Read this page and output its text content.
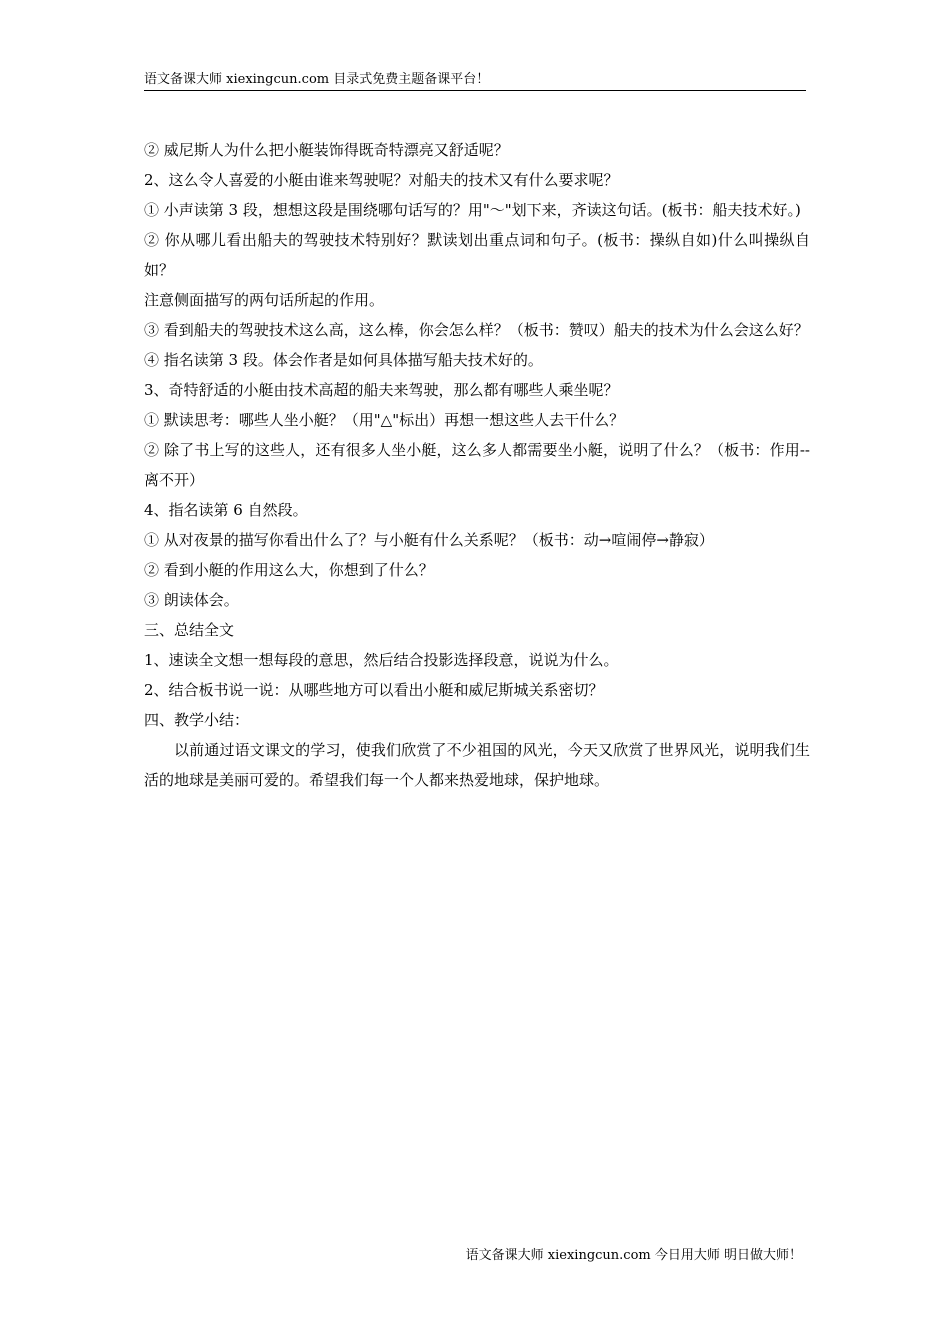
语文备课大师 xiexingcun.com 目录式免费主题备课平台！

② 威尼斯人为什么把小艇装饰得既奇特漂亮又舒适呢？

2、这么令人喜爱的小艇由谁来驾驶呢？对船夫的技术又有什么要求呢？

① 小声读第 3 段，想想这段是围绕哪句话写的？用"～"划下来，齐读这句话。(板书：船夫技术好。)

② 你从哪儿看出船夫的驾驶技术特别好？默读划出重点词和句子。(板书：操纵自如)什么叫操纵自如？

注意侧面描写的两句话所起的作用。

③ 看到船夫的驾驶技术这么高，这么棒，你会怎么样？（板书：赞叹）船夫的技术为什么会这么好？

④ 指名读第 3 段。体会作者是如何具体描写船夫技术好的。

3、奇特舒适的小艇由技术高超的船夫来驾驶，那么都有哪些人乘坐呢？

① 默读思考：哪些人坐小艇？（用"△"标出）再想一想这些人去干什么？

② 除了书上写的这些人，还有很多人坐小艇，这么多人都需要坐小艇，说明了什么？（板书：作用--离不开）

4、指名读第 6 自然段。

① 从对夜景的描写你看出什么了？与小艇有什么关系呢？（板书：动→喧闹停→静寂）

② 看到小艇的作用这么大，你想到了什么？

③ 朗读体会。

三、总结全文

1、速读全文想一想每段的意思，然后结合投影选择段意，说说为什么。

2、结合板书说一说：从哪些地方可以看出小艇和威尼斯城关系密切？

四、教学小结：

以前通过语文课文的学习，使我们欣赏了不少祖国的风光，今天又欣赏了世界风光，说明我们生活的地球是美丽可爱的。希望我们每一个人都来热爱地球，保护地球。

语文备课大师 xiexingcun.com 今日用大师 明日做大师！
